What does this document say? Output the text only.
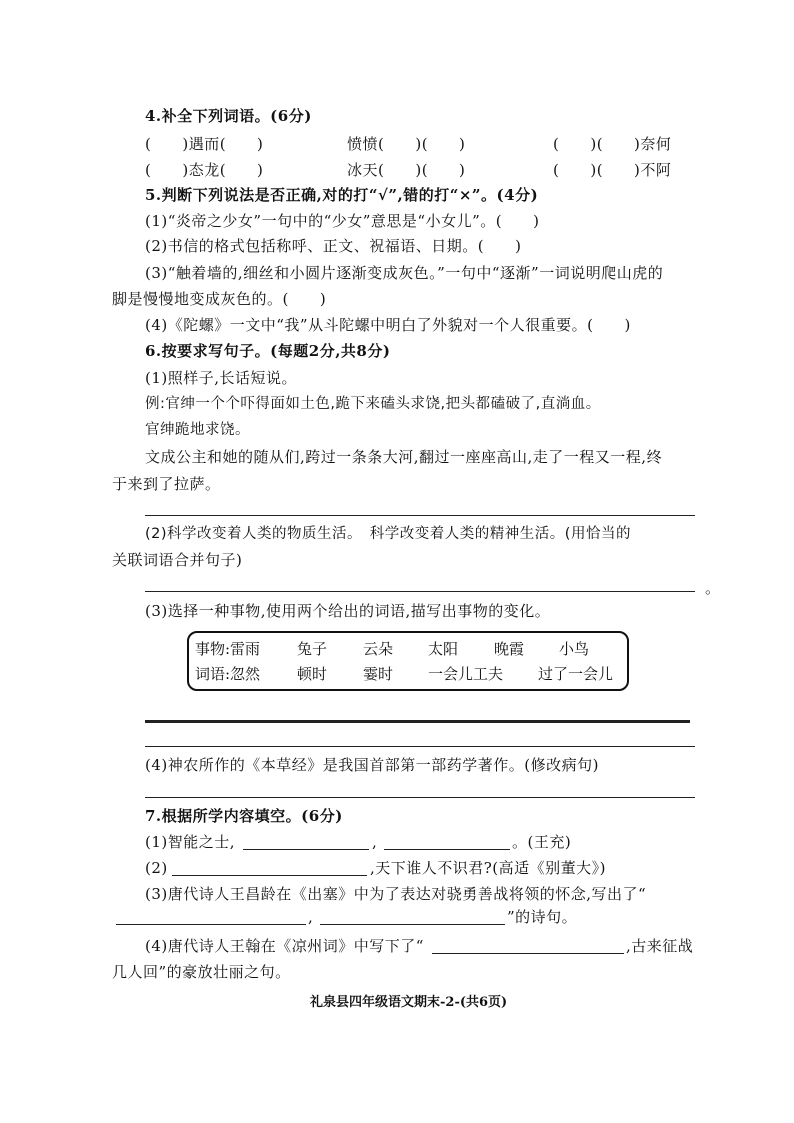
4.补全下列词语。(6分)
(　　)遇而(　　)	愤愤(　　)(　　)	(　　)(　　)奈何
(　　)态龙(　　)	冰天(　　)(　　)	(　　)(　　)不阿
5.判断下列说法是否正确,对的打“√”,错的打“×”。(4分)
(1)“炎帝之少女”一句中的“少女”意思是“小女儿”。(　　)
(2)书信的格式包括称呼、正文、祝福语、日期。(　　)
(3)“触着墙的,细丝和小圆片逐渐变成灰色。”一句中“逐渐”一词说明爬山虎的
脚是慢慢地变成灰色的。(　　)
(4)《陀螺》一文中“我”从斗陀螺中明白了外貌对一个人很重要。(　　)
6.按要求写句子。(每题2分,共8分)
(1)照样子,长话短说。
例:官绅一个个吓得面如土色,跪下来磕头求饶,把头都磕破了,直淌血。
官绅跪地求饶。
文成公主和她的随从们,跨过一条条大河,翻过一座座高山,走了一程又一程,终
于来到了拉萨。
(2)科学改变着人类的物质生活。　科学改变着人类的精神生活。(用恰当的
关联词语合并句子)
。
(3)选择一种事物,使用两个给出的词语,描写出事物的变化。
事物:雷雨 兔子 云朵 太阳 晚霞 小鸟
词语:忽然 顿时 霎时 一会儿工夫 过了一会儿
(4)神农所作的《本草经》是我国首部第一部药学著作。(修改病句)
7.根据所学内容填空。(6分)
(1)智能之士,	,	。(王充)
(2)	,天下谁人不识君?(高适《别董大》)
(3)唐代诗人王昌龄在《出塞》中为了表达对骁勇善战将领的怀念,写出了“
,	”的诗句。
(4)唐代诗人王翰在《凉州词》中写下了“	,古来征战
几人回”的豪放壮丽之句。
礼泉县四年级语文期末-2-(共6页)
